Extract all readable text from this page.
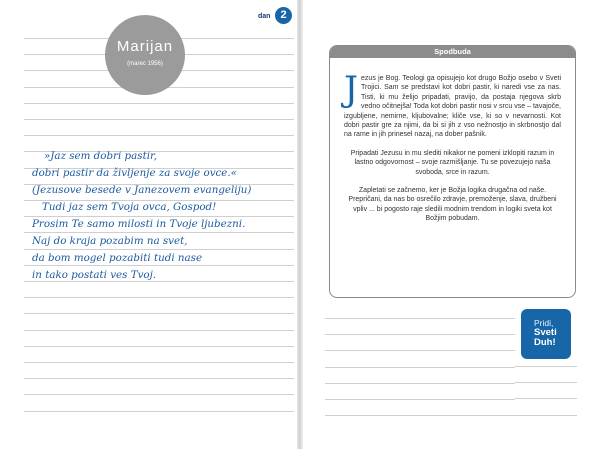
Marijan
(marec 1956)
dan 2
»Jaz sem dobri pastir,
dobri pastir da življenje za svoje ovce.«
(Jezusove besede v Janezovem evangeliju)
Tudi jaz sem Tvoja ovca, Gospod!
Prosim Te samo milosti in Tvoje ljubezni.
Naj do kraja pozabim na svet,
da bom mogel pozabiti tudi nase
in tako postati ves Tvoj.
Spodbuda

Jezus je Bog. Teologi ga opisujejo kot drugo Božjo osebo v Sveti Trojici. Sam se predstavi kot dobri pastir, ki naredi vse za nas. Tisti, ki mu želijo pripadati, pravijo, da postaja njegova skrb vedno očitnejša! Toda kot dobri pastir nosi v srcu vse – tavajoče, izgubljene, nemirne, kljubovalne; kliče vse, ki so v nevarnosti. Kot dobri pastir gre za njimi, da bi si jih z vso nežnostjo in skrbnostjo dal na rame in jih prinesel nazaj, na dober pašnik.

Pripadati Jezusu in mu slediti nikakor ne pomeni izklopiti razum in lastno odgovornost – svoje razmišljanje. Tu se povezujejo naša svoboda, srce in razum.

Zapletati se začnemo, ker je Božja logika drugačna od naše. Prepričani, da nas bo osrečilo zdravje, premoženje, slava, družbeni vpliv ... bi pogosto raje sledili modnim trendom in logiki sveta kot Božjim pobudam.

Pridi,
Sveti
Duh!
